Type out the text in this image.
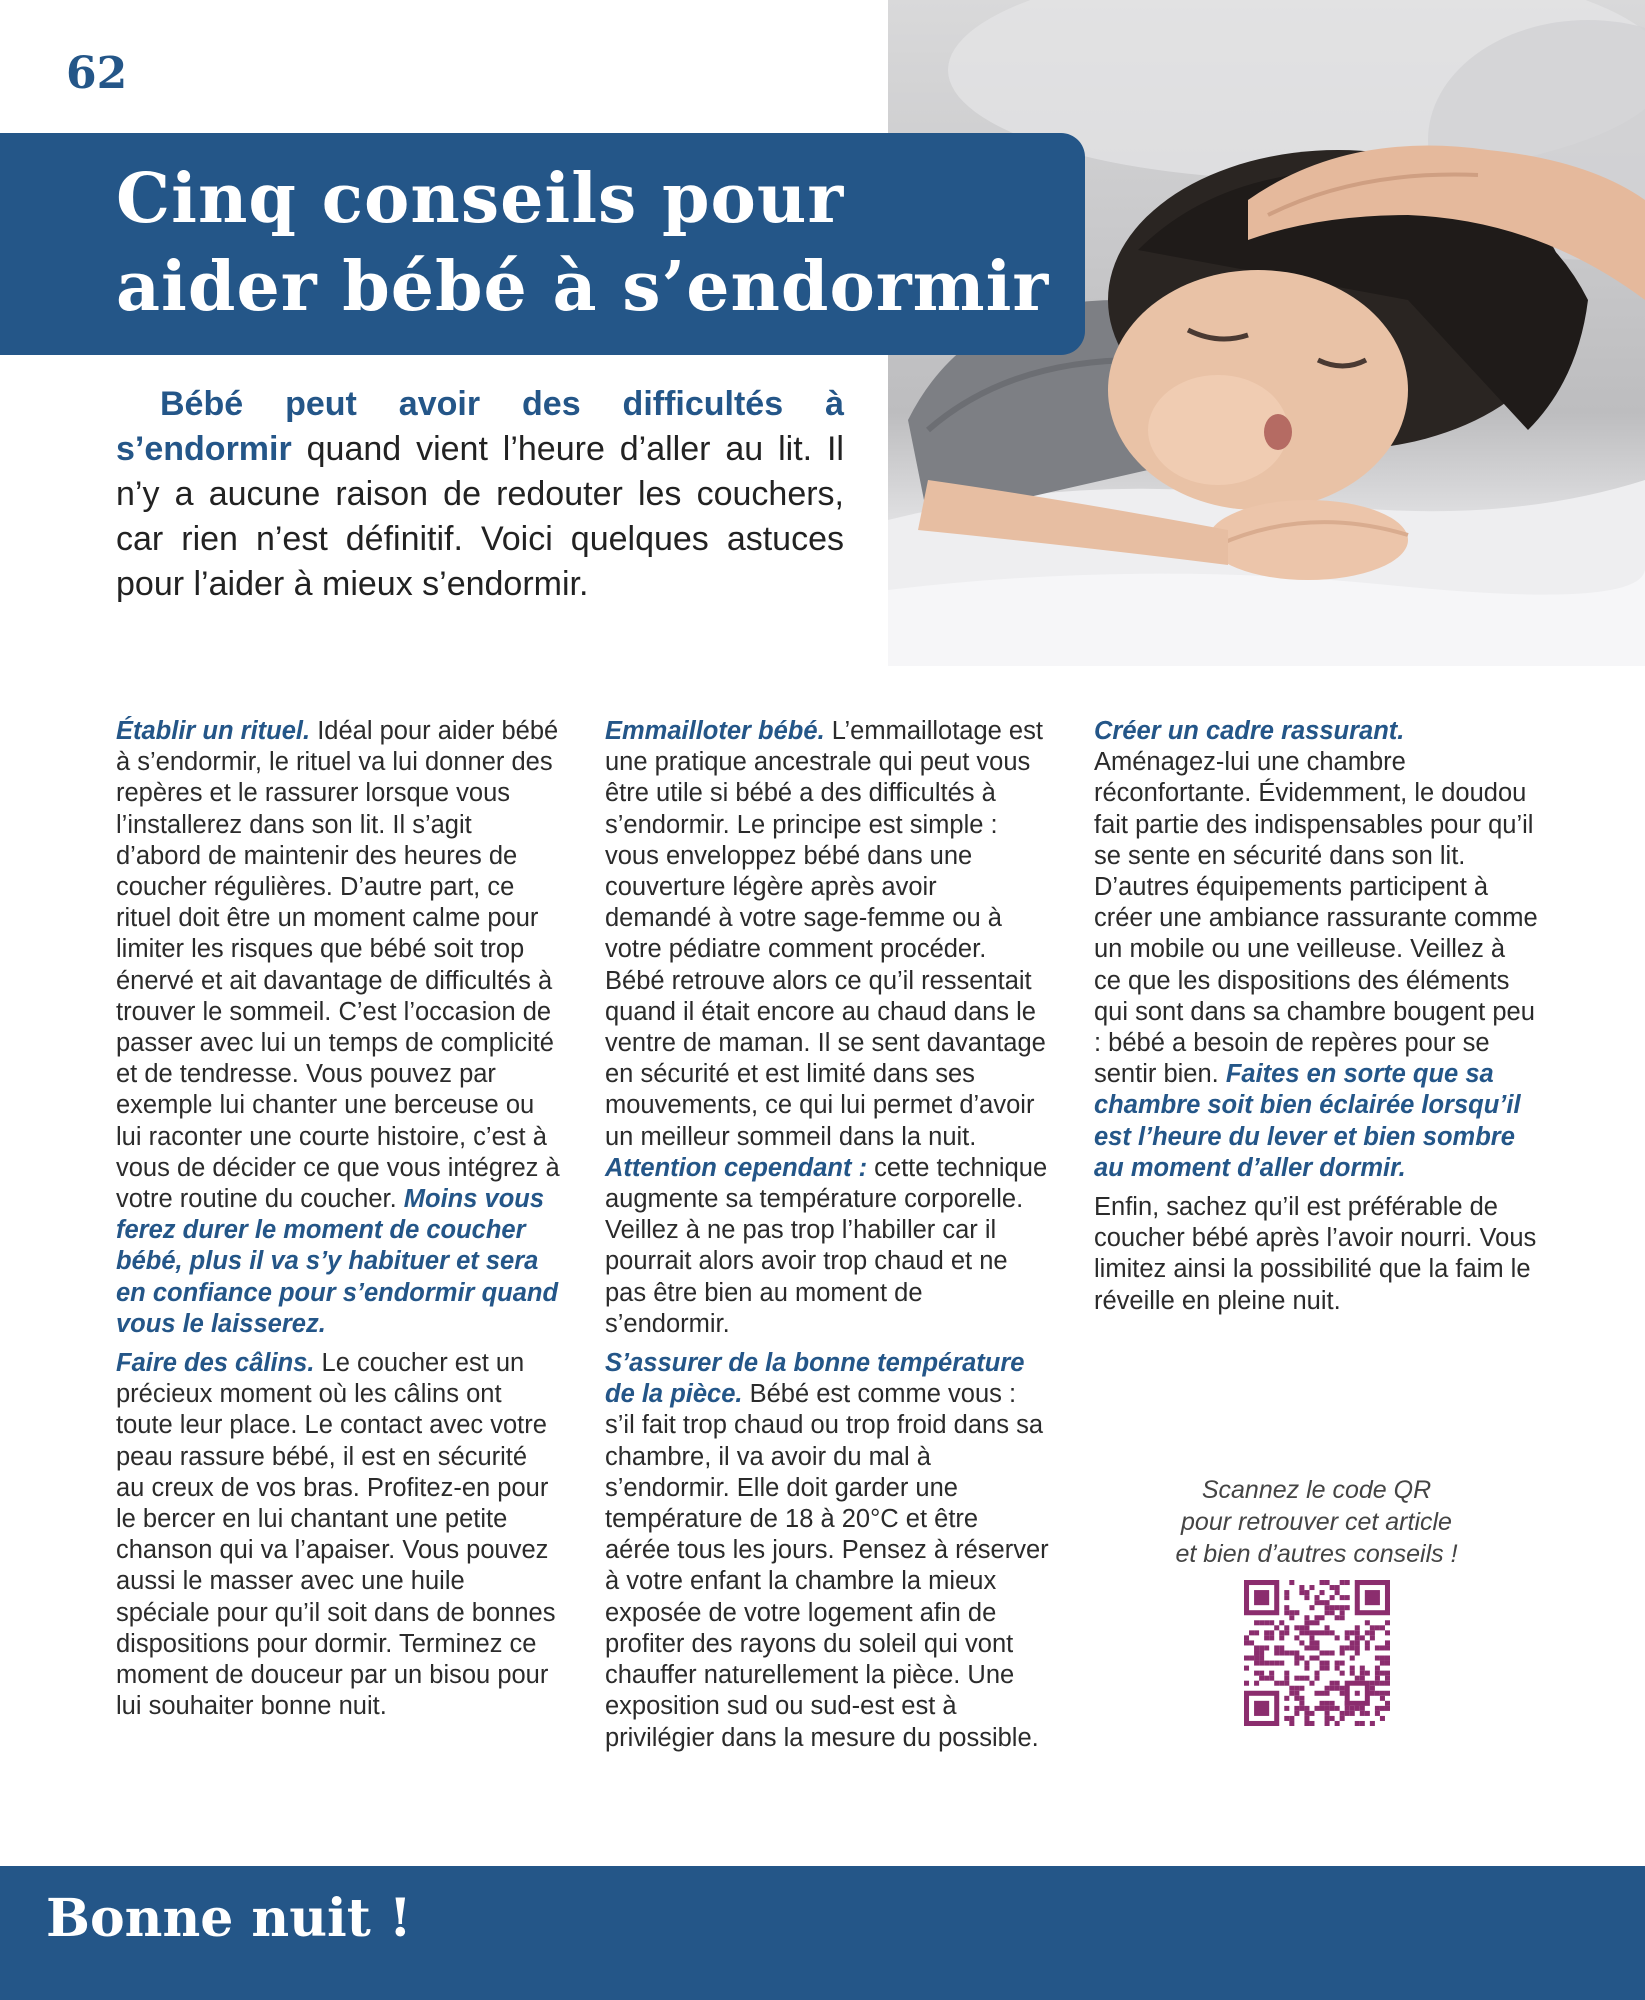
62
Cinq conseils pour aider bébé à s’endormir

Bébé peut avoir des difficultés à s’endormir quand vient l’heure d’aller au lit. Il n’y a aucune raison de redouter les couchers, car rien n’est définitif. Voici quelques astuces pour l’aider à mieux s’endormir.

Établir un rituel. Idéal pour aider bébé à s’endormir, le rituel va lui donner des repères et le rassurer lorsque vous l’installerez dans son lit. Il s’agit d’abord de maintenir des heures de coucher régulières. D’autre part, ce rituel doit être un moment calme pour limiter les risques que bébé soit trop énervé et ait davantage de difficultés à trouver le sommeil. C’est l’occasion de passer avec lui un temps de complicité et de tendresse. Vous pouvez par exemple lui chanter une berceuse ou lui raconter une courte histoire, c’est à vous de décider ce que vous intégrez à votre routine du coucher. Moins vous ferez durer le moment de coucher bébé, plus il va s’y habituer et sera en confiance pour s’endormir quand vous le laisserez.

Faire des câlins. Le coucher est un précieux moment où les câlins ont toute leur place. Le contact avec votre peau rassure bébé, il est en sécurité au creux de vos bras. Profitez-en pour le bercer en lui chantant une petite chanson qui va l’apaiser. Vous pouvez aussi le masser avec une huile spéciale pour qu’il soit dans de bonnes dispositions pour dormir. Terminez ce moment de douceur par un bisou pour lui souhaiter bonne nuit.

Emmailloter bébé. L’emmaillotage est une pratique ancestrale qui peut vous être utile si bébé a des difficultés à s’endormir. Le principe est simple : vous enveloppez bébé dans une couverture légère après avoir demandé à votre sage-femme ou à votre pédiatre comment procéder. Bébé retrouve alors ce qu’il ressentait quand il était encore au chaud dans le ventre de maman. Il se sent davantage en sécurité et est limité dans ses mouvements, ce qui lui permet d’avoir un meilleur sommeil dans la nuit. Attention cependant : cette technique augmente sa température corporelle. Veillez à ne pas trop l’habiller car il pourrait alors avoir trop chaud et ne pas être bien au moment de s’endormir.

S’assurer de la bonne température de la pièce. Bébé est comme vous : s’il fait trop chaud ou trop froid dans sa chambre, il va avoir du mal à s’endormir. Elle doit garder une température de 18 à 20°C et être aérée tous les jours. Pensez à réserver à votre enfant la chambre la mieux exposée de votre logement afin de profiter des rayons du soleil qui vont chauffer naturellement la pièce. Une exposition sud ou sud-est est à privilégier dans la mesure du possible.

Créer un cadre rassurant. Aménagez-lui une chambre réconfortante. Évidemment, le doudou fait partie des indispensables pour qu’il se sente en sécurité dans son lit. D’autres équipements participent à créer une ambiance rassurante comme un mobile ou une veilleuse. Veillez à ce que les dispositions des éléments qui sont dans sa chambre bougent peu : bébé a besoin de repères pour se sentir bien. Faites en sorte que sa chambre soit bien éclairée lorsqu’il est l’heure du lever et bien sombre au moment d’aller dormir.

Enfin, sachez qu’il est préférable de coucher bébé après l’avoir nourri. Vous limitez ainsi la possibilité que la faim le réveille en pleine nuit.

Scannez le code QR
pour retrouver cet article
et bien d’autres conseils !

Bonne nuit !
